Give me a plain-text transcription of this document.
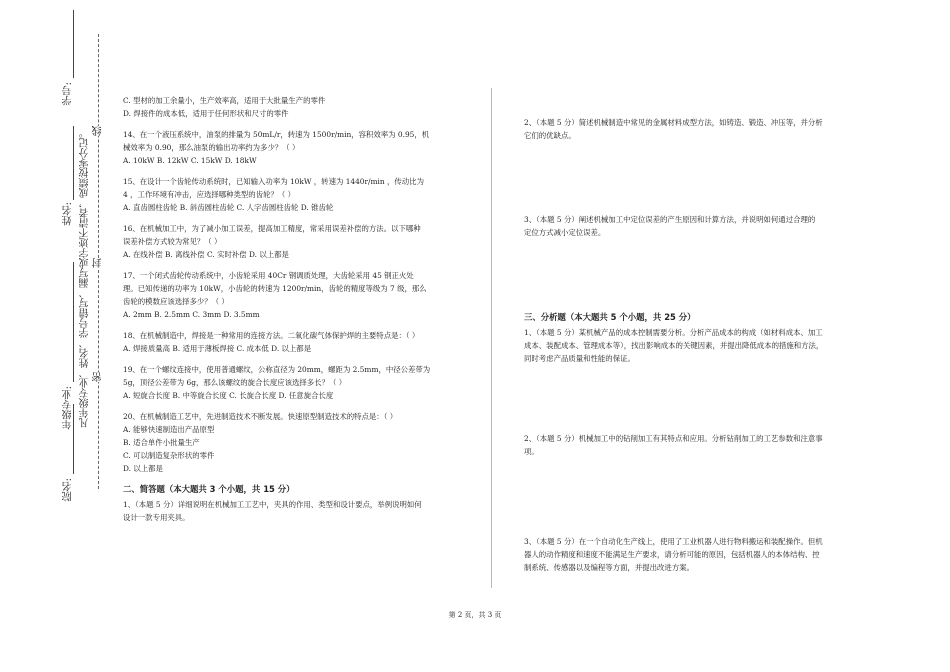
学号:
姓名:
年级专业:
院名:
凡年级专业、姓名、学号错写、漏写或字迹不清者，成绩按零分记。 线
封
密

C. 型材的加工余量小，生产效率高，适用于大批量生产的零件

D. 焊接件的成本低，适用于任何形状和尺寸的零件

14、在一个液压系统中，油泵的排量为 50mL/r，转速为 1500r/min，容积效率为 0.95，机

械效率为 0.90，那么油泵的输出功率约为多少？（ ）

A. 10kW B. 12kW C. 15kW D. 18kW

15、在设计一个齿轮传动系统时，已知输入功率为 10kW ，转速为 1440r/min ，传动比为

4 ，工作环境有冲击，应选择哪种类型的齿轮？（ ）

A. 直齿圆柱齿轮 B. 斜齿圆柱齿轮 C. 人字齿圆柱齿轮 D. 锥齿轮

16、在机械加工中，为了减小加工误差，提高加工精度，常采用误差补偿的方法。以下哪种

误差补偿方式较为常见？（ ）

A. 在线补偿 B. 离线补偿 C. 实时补偿 D. 以上都是

17、一个闭式齿轮传动系统中，小齿轮采用 40Cr 钢调质处理，大齿轮采用 45 钢正火处

理。已知传递的功率为 10kW，小齿轮的转速为 1200r/min，齿轮的精度等级为 7 级，那么

齿轮的模数应该选择多少？（ ）

A. 2mm B. 2.5mm C. 3mm D. 3.5mm

18、在机械制造中，焊接是一种常用的连接方法。二氧化碳气体保护焊的主要特点是：（ ）

A. 焊接质量高 B. 适用于薄板焊接 C. 成本低 D. 以上都是

19、在一个螺纹连接中，使用普通螺纹，公称直径为 20mm，螺距为 2.5mm，中径公差带为

5g，顶径公差带为 6g，那么该螺纹的旋合长度应该选择多长？（ ）

A. 短旋合长度 B. 中等旋合长度 C. 长旋合长度 D. 任意旋合长度

20、在机械制造工艺中，先进制造技术不断发展。快速原型制造技术的特点是：（ ）

A. 能够快速制造出产品原型

B. 适合单件小批量生产

C. 可以制造复杂形状的零件

D. 以上都是

二、简答题（本大题共 3 个小题，共 15 分）

1、（本题 5 分）详细说明在机械加工工艺中，夹具的作用、类型和设计要点，举例说明如何

设计一款专用夹具。

2、（本题 5 分）简述机械制造中常见的金属材料成型方法，如铸造、锻造、冲压等，并分析

它们的优缺点。

3、（本题 5 分）阐述机械加工中定位误差的产生原因和计算方法，并说明如何通过合理的

定位方式减小定位误差。

三、分析题（本大题共 5 个小题，共 25 分）

1、（本题 5 分）某机械产品的成本控制需要分析。分析产品成本的构成（如材料成本、加工

成本、装配成本、管理成本等），找出影响成本的关键因素，并提出降低成本的措施和方法，

同时考虑产品质量和性能的保证。

2、（本题 5 分）机械加工中的钻削加工有其特点和应用。分析钻削加工的工艺参数和注意事

项。

3、（本题 5 分）在一个自动化生产线上，使用了工业机器人进行物料搬运和装配操作。但机

器人的动作精度和速度不能满足生产要求，请分析可能的原因，包括机器人的本体结构、控

制系统、传感器以及编程等方面，并提出改进方案。

第 2 页，共 3 页
